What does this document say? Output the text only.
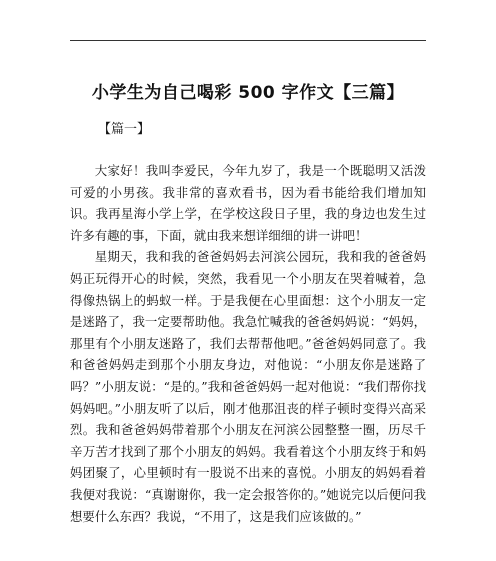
小学生为自己喝彩 500 字作文【三篇】
【篇一】

大家好！我叫李爱民，今年九岁了，我是一个既聪明又活泼可爱的小男孩。我非常的喜欢看书，因为看书能给我们增加知识。我再星海小学上学，在学校这段日子里，我的身边也发生过许多有趣的事，下面，就由我来想详细细的讲一讲吧！

星期天，我和我的爸爸妈妈去河滨公园玩，我和我的爸爸妈妈正玩得开心的时候，突然，我看见一个小朋友在哭着喊着，急得像热锅上的蚂蚁一样。于是我便在心里面想：这个小朋友一定是迷路了，我一定要帮助他。我急忙喊我的爸爸妈妈说：“妈妈，那里有个小朋友迷路了，我们去帮帮他吧。”爸爸妈妈同意了。我和爸爸妈妈走到那个小朋友身边，对他说：“小朋友你是迷路了吗？”小朋友说：“是的。”我和爸爸妈妈一起对他说：“我们帮你找妈妈吧。”小朋友听了以后，刚才他那沮丧的样子顿时变得兴高采烈。我和爸爸妈妈带着那个小朋友在河滨公园整整一圈，历尽千辛万苦才找到了那个小朋友的妈妈。我看着这个小朋友终于和妈妈团聚了，心里顿时有一股说不出来的喜悦。小朋友的妈妈看着我便对我说：“真谢谢你，我一定会报答你的。”她说完以后便问我想要什么东西？我说，“不用了，这是我们应该做的。”
